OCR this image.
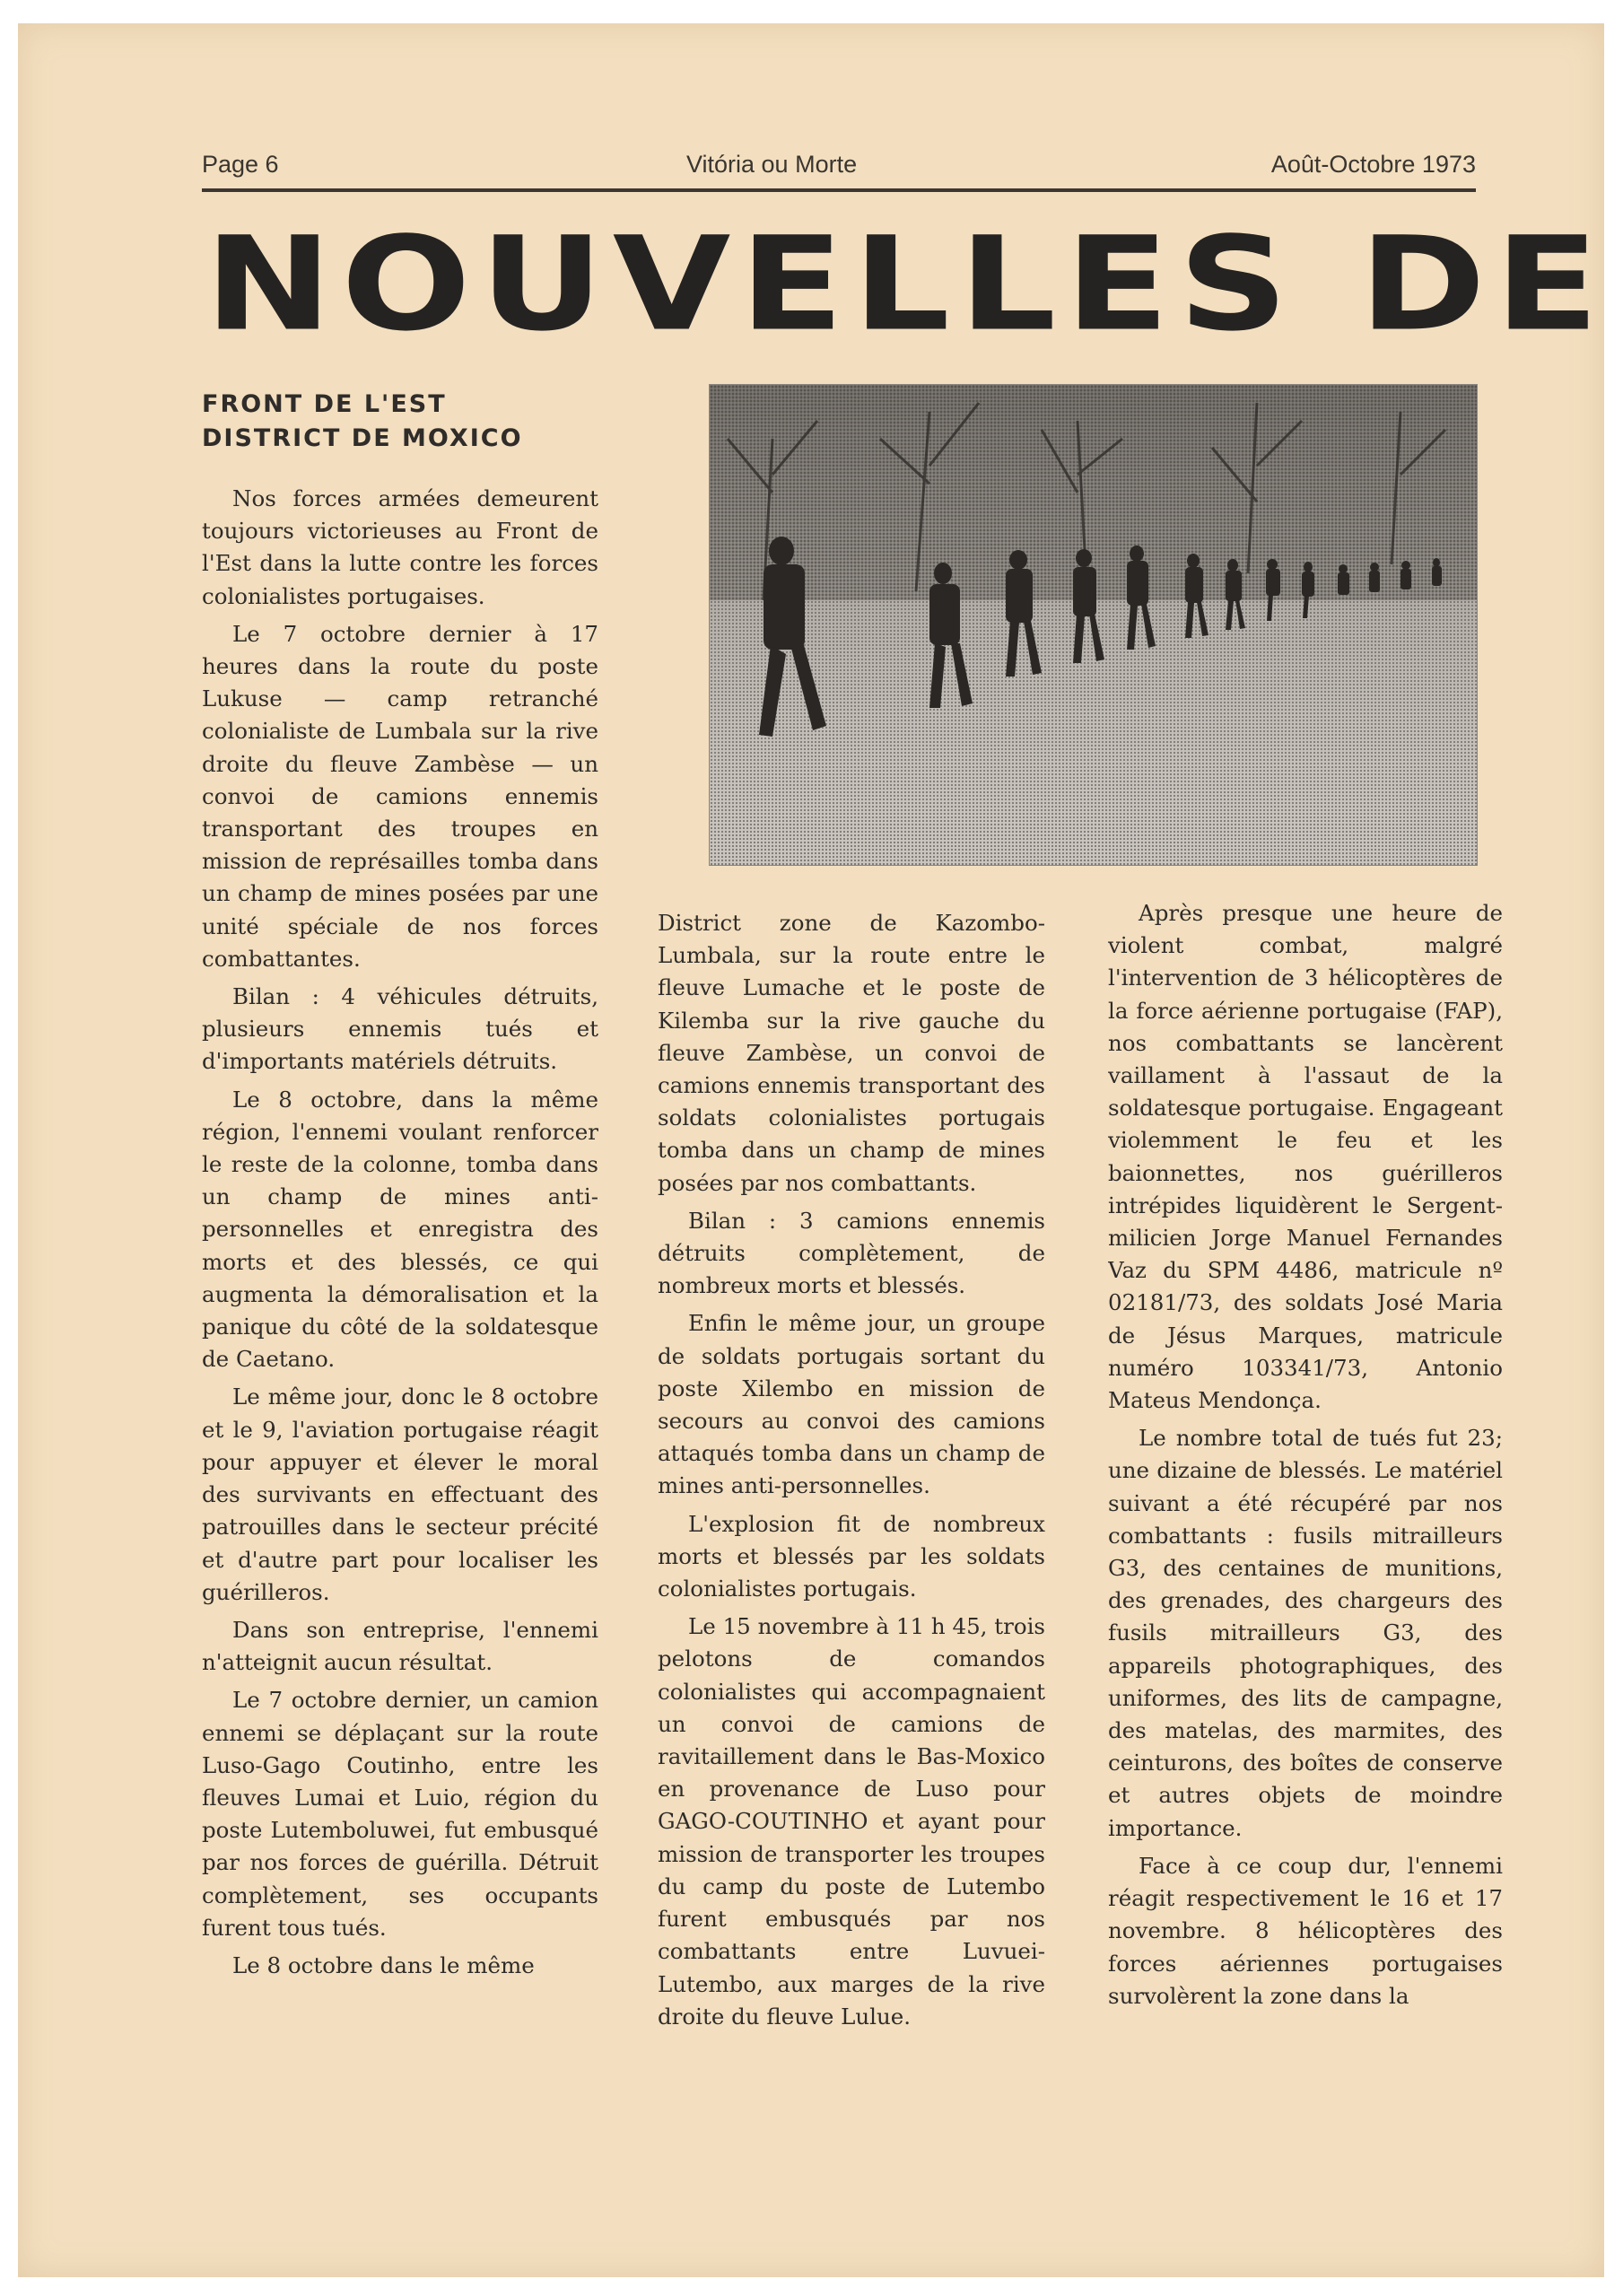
Page 6	Vitória ou Morte	Août-Octobre 1973
NOUVELLES DE
FRONT DE L'EST
DISTRICT DE MOXICO

Nos forces armées demeurent toujours victorieuses au Front de l'Est dans la lutte contre les forces colonialistes portugaises.

Le 7 octobre dernier à 17 heures dans la route du poste Lukuse — camp retranché colonialiste de Lumbala sur la rive droite du fleuve Zambèse — un convoi de camions ennemis transportant des troupes en mission de représailles tomba dans un champ de mines posées par une unité spéciale de nos forces combattantes.

Bilan : 4 véhicules détruits, plusieurs ennemis tués et d'importants matériels détruits.

Le 8 octobre, dans la même région, l'ennemi voulant renforcer le reste de la colonne, tomba dans un champ de mines anti-personnelles et enregistra des morts et des blessés, ce qui augmenta la démoralisation et la panique du côté de la soldatesque de Caetano.

Le même jour, donc le 8 octobre et le 9, l'aviation portugaise réagit pour appuyer et élever le moral des survivants en effectuant des patrouilles dans le secteur précité et d'autre part pour localiser les guérilleros.

Dans son entreprise, l'ennemi n'atteignit aucun résultat.

Le 7 octobre dernier, un camion ennemi se déplaçant sur la route Luso-Gago Coutinho, entre les fleuves Lumai et Luio, région du poste Lutemboluwei, fut embusqué par nos forces de guérilla. Détruit complètement, ses occupants furent tous tués.

Le 8 octobre dans le même

District zone de Kazombo-Lumbala, sur la route entre le fleuve Lumache et le poste de Kilemba sur la rive gauche du fleuve Zambèse, un convoi de camions ennemis transportant des soldats colonialistes portugais tomba dans un champ de mines posées par nos combattants.

Bilan : 3 camions ennemis détruits complètement, de nombreux morts et blessés.

Enfin le même jour, un groupe de soldats portugais sortant du poste Xilembo en mission de secours au convoi des camions attaqués tomba dans un champ de mines anti-personnelles.

L'explosion fit de nombreux morts et blessés par les soldats colonialistes portugais.

Le 15 novembre à 11 h 45, trois pelotons de comandos colonialistes qui accompagnaient un convoi de camions de ravitaillement dans le Bas-Moxico en provenance de Luso pour GAGO-COUTINHO et ayant pour mission de transporter les troupes du camp du poste de Lutembo furent embusqués par nos combattants entre Luvuei-Lutembo, aux marges de la rive droite du fleuve Lulue.

Après presque une heure de violent combat, malgré l'intervention de 3 hélicoptères de la force aérienne portugaise (FAP), nos combattants se lancèrent vaillament à l'assaut de la soldatesque portugaise. Engageant violemment le feu et les baionnettes, nos guérilleros intrépides liquidèrent le Sergent-milicien Jorge Manuel Fernandes Vaz du SPM 4486, matricule nº 02181/73, des soldats José Maria de Jésus Marques, matricule numéro 103341/73, Antonio Mateus Mendonça.

Le nombre total de tués fut 23; une dizaine de blessés. Le matériel suivant a été récupéré par nos combattants : fusils mitrailleurs G3, des centaines de munitions, des grenades, des chargeurs des fusils mitrailleurs G3, des appareils photographiques, des uniformes, des lits de campagne, des matelas, des marmites, des ceinturons, des boîtes de conserve et autres objets de moindre importance.

Face à ce coup dur, l'ennemi réagit respectivement le 16 et 17 novembre. 8 hélicoptères des forces aériennes portugaises survolèrent la zone dans la
